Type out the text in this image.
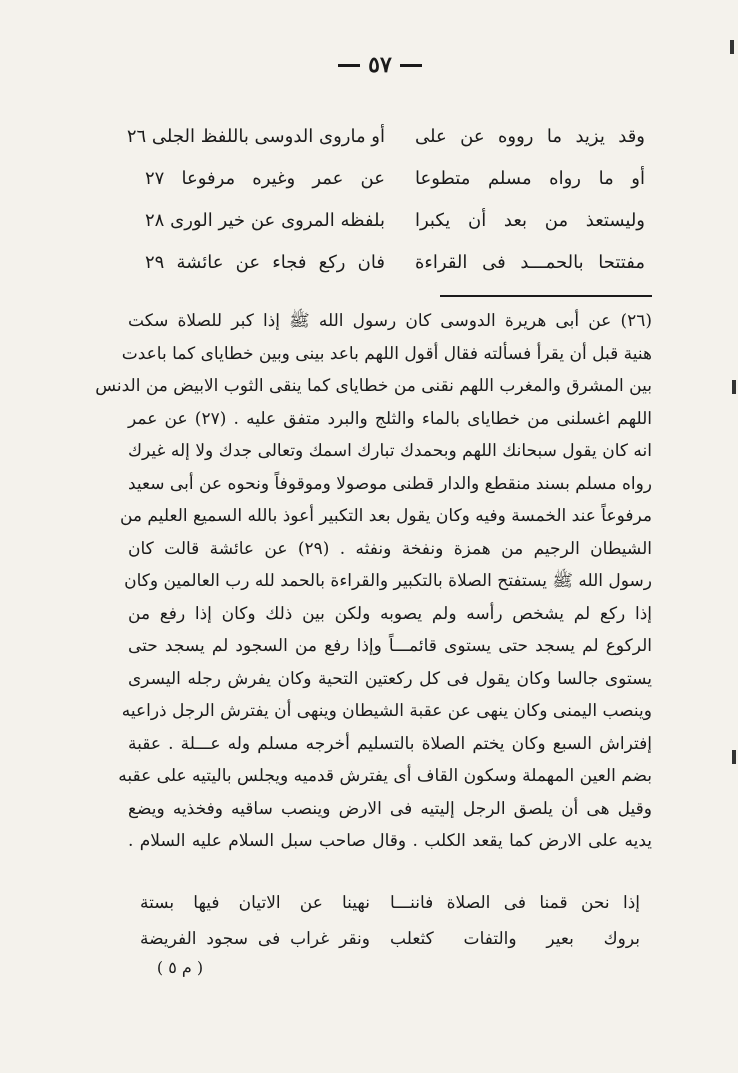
٥٧
وقد يزيد ما رووه عن على
أو ماروى الدوسى باللفظ الجلى ٢٦
أو ما رواه مسلم متطوعا
عن عمر وغيره مرفوعا ٢٧
وليستعذ من بعد أن يكبرا
بلفظه المروى عن خير الورى ٢٨
مفتتحا بالحمـــد فى القراءة
فان ركع فجاء عن عائشة ٢٩
(٢٦) عن أبى هريرة الدوسى كان رسول الله ﷺ إذا كبر للصلاة سكت
هنية قبل أن يقرأ فسألته فقال أقول اللهم باعد بينى وبين خطاياى كما باعدت
بين المشرق والمغرب اللهم نقنى من خطاياى كما ينقى الثوب الابيض من الدنس
اللهم اغسلنى من خطاياى بالماء والثلج والبرد متفق عليه . (٢٧) عن عمر
انه كان يقول سبحانك اللهم وبحمدك تبارك اسمك وتعالى جدك ولا إله غيرك
رواه مسلم بسند منقطع والدار قطنى موصولا وموقوفاً ونحوه عن أبى سعيد
مرفوعاً عند الخمسة وفيه وكان يقول بعد التكبير أعوذ بالله السميع العليم من
الشيطان الرجيم من همزة ونفخة ونفثه . (٢٩) عن عائشة قالت كان
رسول الله ﷺ يستفتح الصلاة بالتكبير والقراءة بالحمد لله رب العالمين وكان
إذا ركع لم يشخص رأسه ولم يصوبه ولكن بين ذلك وكان إذا رفع من
الركوع لم يسجد حتى يستوى قائمـــاً وإذا رفع من السجود لم يسجد حتى
يستوى جالسا وكان يقول فى كل ركعتين التحية وكان يفرش رجله اليسرى
وينصب اليمنى وكان ينهى عن عقبة الشيطان وينهى أن يفترش الرجل ذراعيه
إفتراش السبع وكان يختم الصلاة بالتسليم أخرجه مسلم وله عـــلة . عقبة
بضم العين المهملة وسكون القاف أى يفترش قدميه ويجلس باليتيه على عقبه
وقيل هى أن يلصق الرجل إليتيه فى الارض وينصب ساقيه وفخذيه ويضع
يديه على الارض كما يقعد الكلب . وقال صاحب سبل السلام عليه السلام .
إذا نحن قمنا فى الصلاة فاننـــا
نهينا عن الاتيان فيها بستة
بروك بعير والتفات كثعلب
ونقر غراب فى سجود الفريضة
( م ٥ )
